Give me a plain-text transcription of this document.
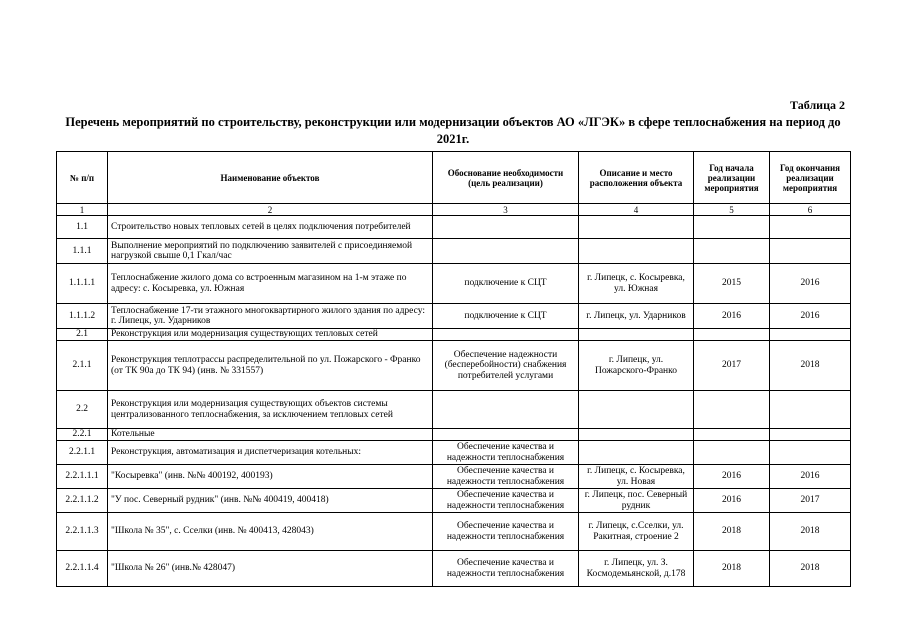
Таблица 2
Перечень мероприятий по строительству, реконструкции или модернизации объектов АО «ЛГЭК» в сфере теплоснабжения на период до 2021г.
№ п/п	Наименование объектов	Обоснование необходимости (цель реализации)	Описание и место расположения объекта	Год начала реализации мероприятия	Год окончания реализации мероприятия
1	2	3	4	5	6
1.1	Строительство новых тепловых сетей в целях подключения потребителей				
1.1.1	Выполнение мероприятий по подключению заявителей с присоединяемой нагрузкой свыше 0,1 Гкал/час				
1.1.1.1	Теплоснабжение жилого дома со встроенным магазином на 1-м этаже по адресу: с. Косыревка, ул. Южная	подключение к СЦТ	г. Липецк, с. Косыревка, ул. Южная	2015	2016
1.1.1.2	Теплоснабжение 17-ти этажного многоквартирного жилого здания по адресу: г. Липецк, ул. Ударников	подключение к СЦТ	г. Липецк, ул. Ударников	2016	2016
2.1	Реконструкция или модернизация существующих тепловых сетей				
2.1.1	Реконструкция теплотрассы распределительной по ул. Пожарского - Франко (от ТК 90а до ТК 94) (инв. № 331557)	Обеспечение надежности (бесперебойности) снабжения потребителей услугами	г. Липецк, ул. Пожарского-Франко	2017	2018
2.2	Реконструкция или модернизация существующих объектов системы централизованного теплоснабжения, за исключением тепловых сетей				
2.2.1	Котельные				
2.2.1.1	Реконструкция, автоматизация и диспетчеризация котельных:	Обеспечение качества и надежности теплоснабжения			
2.2.1.1.1	"Косыревка" (инв. №№ 400192, 400193)	Обеспечение качества и надежности теплоснабжения	г. Липецк, с. Косыревка, ул. Новая	2016	2016
2.2.1.1.2	"У пос. Северный рудник" (инв. №№ 400419, 400418)	Обеспечение качества и надежности теплоснабжения	г. Липецк, пос. Северный рудник	2016	2017
2.2.1.1.3	"Школа № 35", с. Сселки (инв. № 400413, 428043)	Обеспечение качества и надежности теплоснабжения	г. Липецк, с.Сселки, ул. Ракитная, строение 2	2018	2018
2.2.1.1.4	"Школа № 26" (инв.№ 428047)	Обеспечение качества и надежности теплоснабжения	г. Липецк, ул. З. Космодемьянской, д.178	2018	2018
